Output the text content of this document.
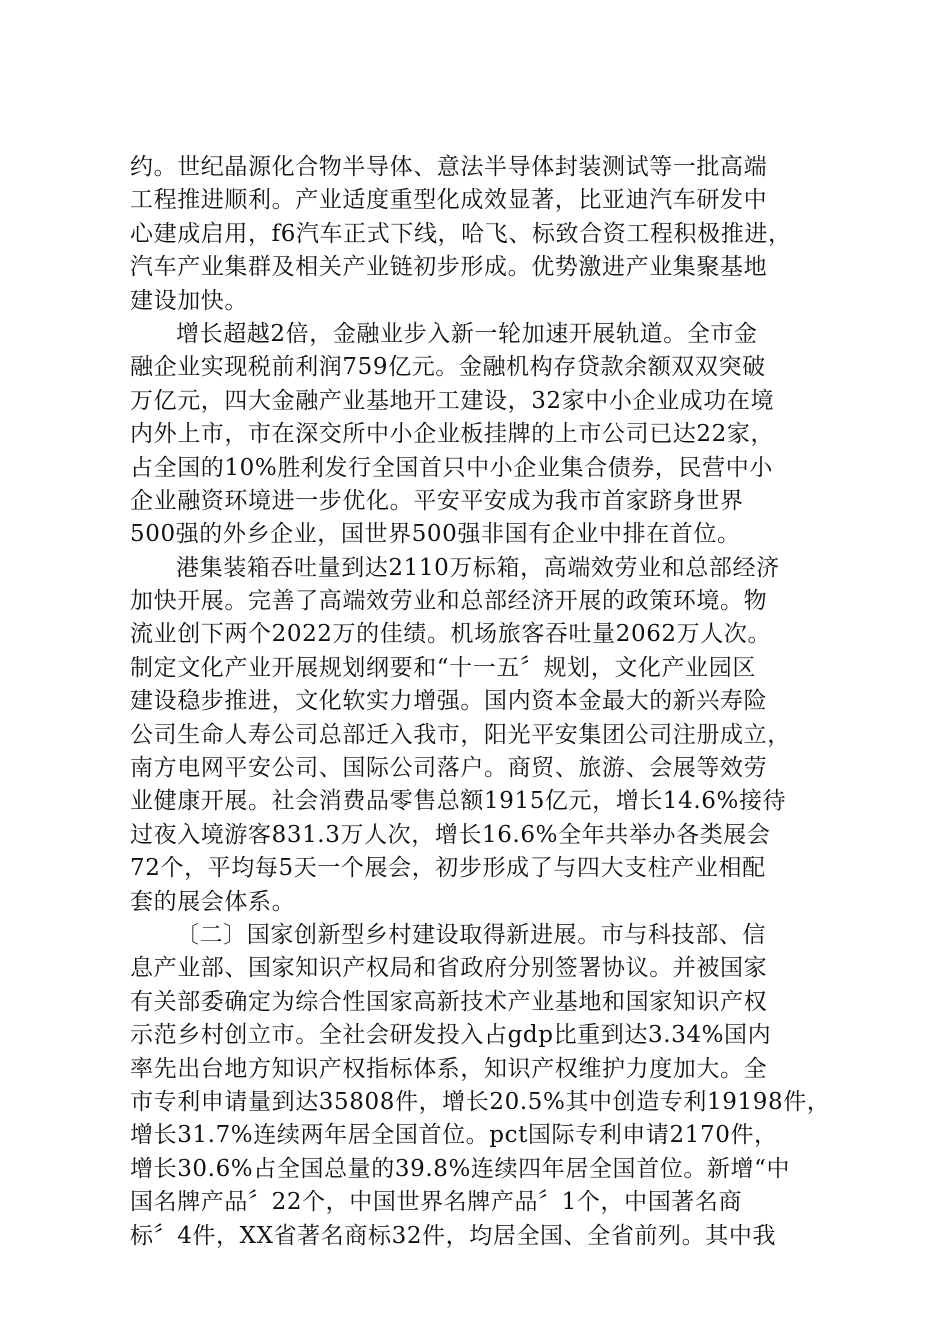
约。世纪晶源化合物半导体、意法半导体封装测试等一批高端
工程推进顺利。产业适度重型化成效显著，比亚迪汽车研发中
心建成启用，f6汽车正式下线，哈飞、标致合资工程积极推进，
汽车产业集群及相关产业链初步形成。优势激进产业集聚基地
建设加快。
增长超越2倍，金融业步入新一轮加速开展轨道。全市金
融企业实现税前利润759亿元。金融机构存贷款余额双双突破
万亿元，四大金融产业基地开工建设，32家中小企业成功在境
内外上市，市在深交所中小企业板挂牌的上市公司已达22家，
占全国的10%胜利发行全国首只中小企业集合债券，民营中小
企业融资环境进一步优化。平安平安成为我市首家跻身世界
500强的外乡企业，国世界500强非国有企业中排在首位。
港集装箱吞吐量到达2110万标箱，高端效劳业和总部经济
加快开展。完善了高端效劳业和总部经济开展的政策环境。物
流业创下两个2022万的佳绩。机场旅客吞吐量2062万人次。
制定文化产业开展规划纲要和“十一五〞规划，文化产业园区
建设稳步推进，文化软实力增强。国内资本金最大的新兴寿险
公司生命人寿公司总部迁入我市，阳光平安集团公司注册成立，
南方电网平安公司、国际公司落户。商贸、旅游、会展等效劳
业健康开展。社会消费品零售总额1915亿元，增长14.6%接待
过夜入境游客831.3万人次，增长16.6%全年共举办各类展会
72个，平均每5天一个展会，初步形成了与四大支柱产业相配
套的展会体系。
〔二〕国家创新型乡村建设取得新进展。市与科技部、信
息产业部、国家知识产权局和省政府分别签署协议。并被国家
有关部委确定为综合性国家高新技术产业基地和国家知识产权
示范乡村创立市。全社会研发投入占gdp比重到达3.34%国内
率先出台地方知识产权指标体系，知识产权维护力度加大。全
市专利申请量到达35808件，增长20.5%其中创造专利19198件，
增长31.7%连续两年居全国首位。pct国际专利申请2170件，
增长30.6%占全国总量的39.8%连续四年居全国首位。新增“中
国名牌产品〞22个，中国世界名牌产品〞1个，中国著名商
标〞4件，XX省著名商标32件，均居全国、全省前列。其中我
